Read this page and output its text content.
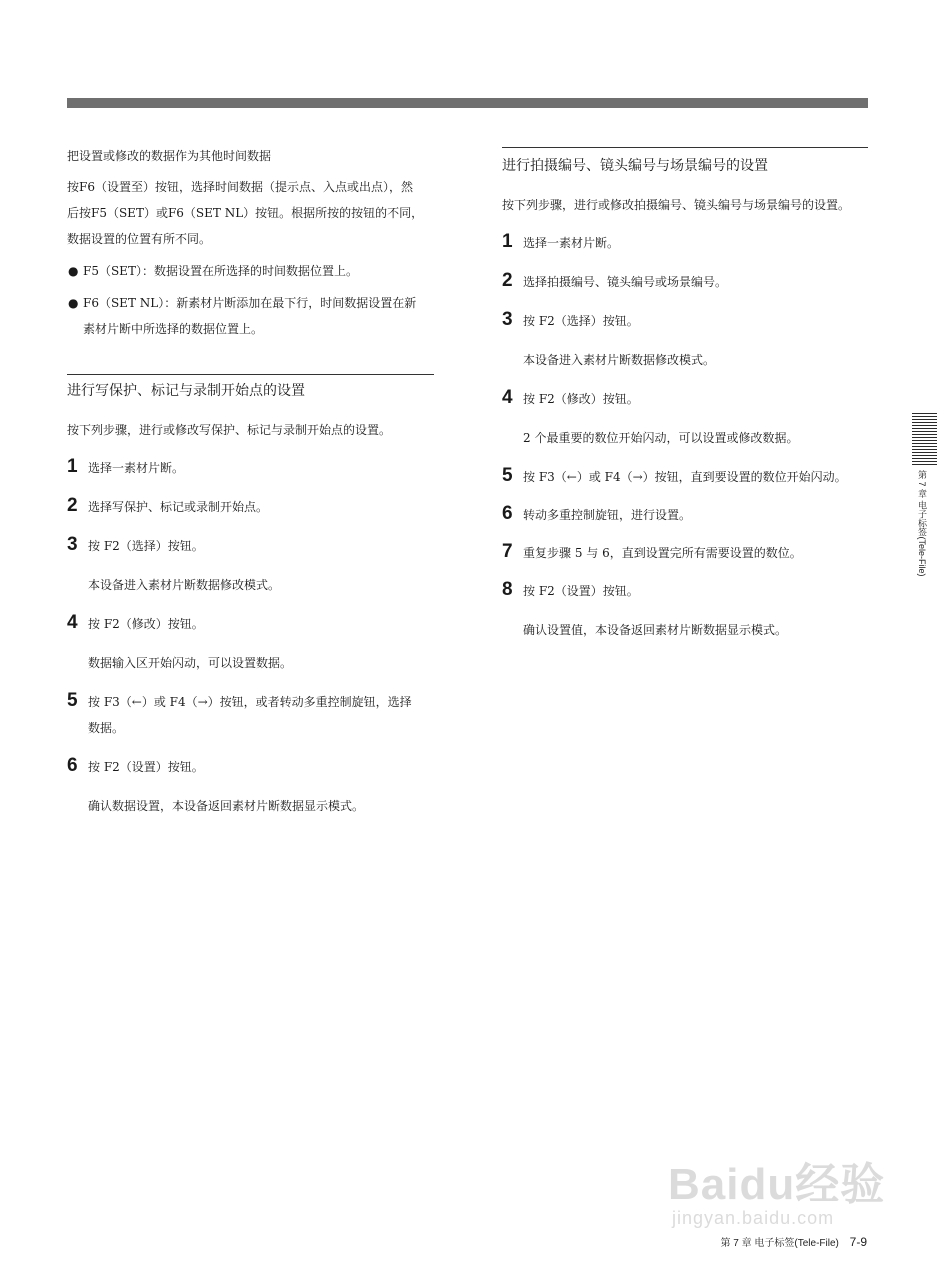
把设置或修改的数据作为其他时间数据

按F6（设置至）按钮，选择时间数据（提示点、入点或出点），然

后按F5（SET）或F6（SET NL）按钮。根据所按的按钮的不同，

数据设置的位置有所不同。

● F5（SET）：数据设置在所选择的时间数据位置上。
● F6（SET NL）：新素材片断添加在最下行，时间数据设置在新
素材片断中所选择的数据位置上。

进行写保护、标记与录制开始点的设置

按下列步骤，进行或修改写保护、标记与录制开始点的设置。

1 选择一素材片断。
2 选择写保护、标记或录制开始点。
3 按 F2（选择）按钮。
本设备进入素材片断数据修改模式。
4 按 F2（修改）按钮。
数据输入区开始闪动，可以设置数据。
5 按 F3（←）或 F4（→）按钮，或者转动多重控制旋钮，选择
数据。
6 按 F2（设置）按钮。
确认数据设置，本设备返回素材片断数据显示模式。

进行拍摄编号、镜头编号与场景编号的设置

按下列步骤，进行或修改拍摄编号、镜头编号与场景编号的设置。

1 选择一素材片断。
2 选择拍摄编号、镜头编号或场景编号。
3 按 F2（选择）按钮。
本设备进入素材片断数据修改模式。
4 按 F2（修改）按钮。
2 个最重要的数位开始闪动，可以设置或修改数据。
5 按 F3（←）或 F4（→）按钮，直到要设置的数位开始闪动。
6 转动多重控制旋钮，进行设置。
7 重复步骤 5 与 6，直到设置完所有需要设置的数位。
8 按 F2（设置）按钮。
确认设置值，本设备返回素材片断数据显示模式。
第 7 章 电子标签(Tele-File)
Baidu经验
jingyan.baidu.com
第 7 章 电子标签(Tele-File) 7-9
